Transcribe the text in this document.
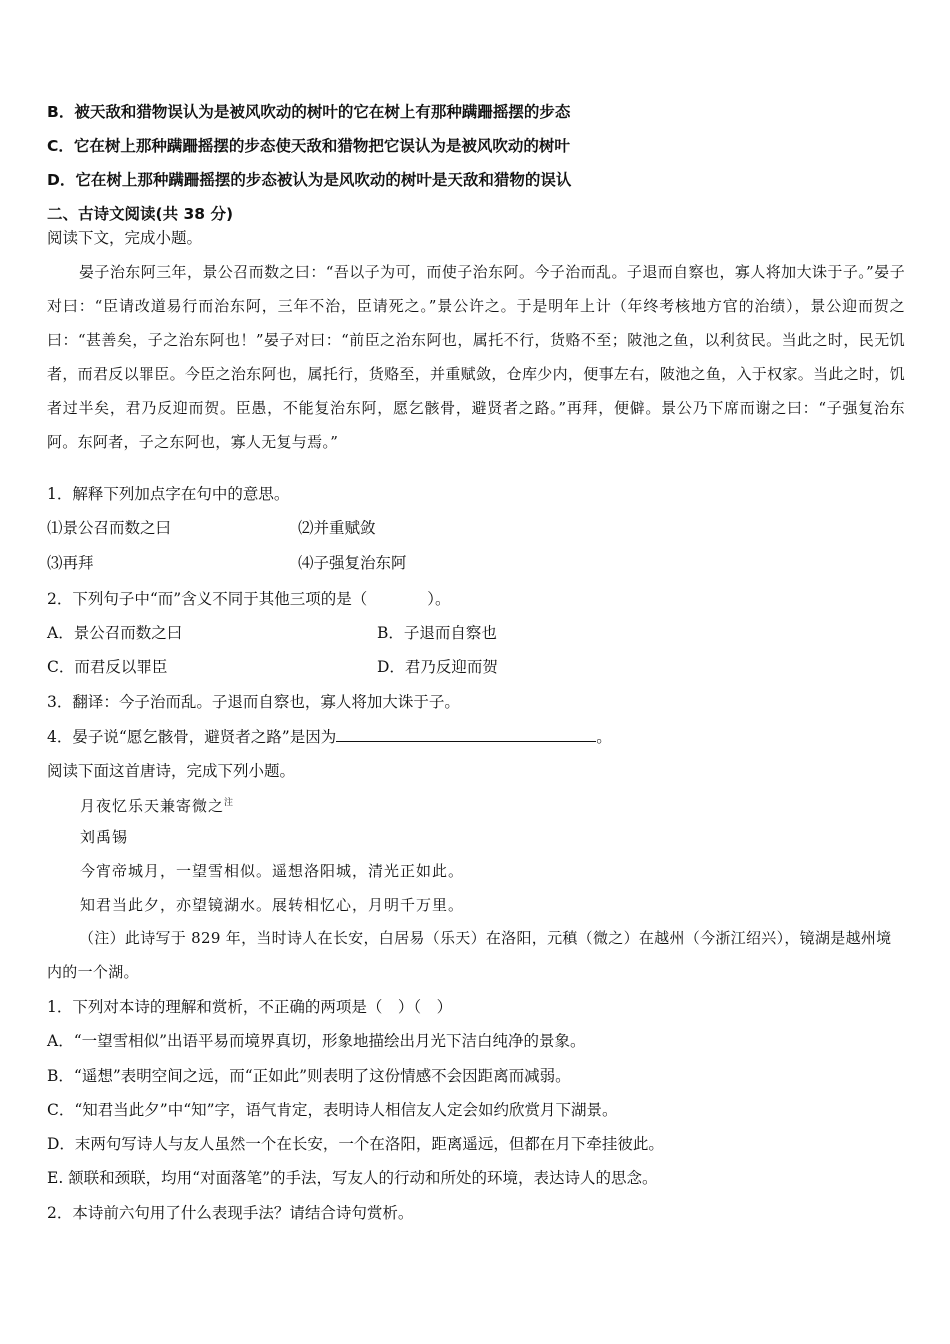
B．被天敌和猎物误认为是被风吹动的树叶的它在树上有那种蹒跚摇摆的步态
C．它在树上那种蹒跚摇摆的步态使天敌和猎物把它误认为是被风吹动的树叶
D．它在树上那种蹒跚摇摆的步态被认为是风吹动的树叶是天敌和猎物的误认
二、古诗文阅读(共 38 分)
阅读下文，完成小题。
晏子治东阿三年，景公召而数之曰：“吾以子为可，而使子治东阿。今子治而乱。子退而自察也，寡人将加大诛于子。”晏子对曰：“臣请改道易行而治东阿，三年不治，臣请死之。”景公许之。于是明年上计（年终考核地方官的治绩），景公迎而贺之曰：“甚善矣，子之治东阿也！”晏子对曰：“前臣之治东阿也，属托不行，货赂不至；陂池之鱼，以利贫民。当此之时，民无饥者，而君反以罪臣。今臣之治东阿也，属托行，货赂至，并重赋敛，仓库少内，便事左右，陂池之鱼，入于权家。当此之时，饥者过半矣，君乃反迎而贺。臣愚，不能复治东阿，愿乞骸骨，避贤者之路。”再拜，便僻。景公乃下席而谢之曰：“子强复治东阿。东阿者，子之东阿也，寡人无复与焉。”
1．解释下列加点字在句中的意思。
⑴景公召而数之曰	⑵并重赋敛
⑶再拜	⑷子强复治东阿
2．下列句子中“而”含义不同于其他三项的是（	）。
A．景公召而数之曰	B．子退而自察也
C．而君反以罪臣	D．君乃反迎而贺
3．翻译：今子治而乱。子退而自察也，寡人将加大诛于子。
4．晏子说“愿乞骸骨，避贤者之路”是因为	。
阅读下面这首唐诗，完成下列小题。
月夜忆乐天兼寄微之$^注$
刘禹锡
今宵帝城月，一望雪相似。遥想洛阳城，清光正如此。
知君当此夕，亦望镜湖水。展转相忆心，月明千万里。
（注）此诗写于 829 年，当时诗人在长安，白居易（乐天）在洛阳，元稹（微之）在越州（今浙江绍兴），镜湖是越州境内的一个湖。
1．下列对本诗的理解和赏析，不正确的两项是（　）（　）
A．“一望雪相似”出语平易而境界真切，形象地描绘出月光下洁白纯净的景象。
B．“遥想”表明空间之远，而“正如此”则表明了这份情感不会因距离而减弱。
C．“知君当此夕”中“知”字，语气肯定，表明诗人相信友人定会如约欣赏月下湖景。
D．末两句写诗人与友人虽然一个在长安，一个在洛阳，距离遥远，但都在月下牵挂彼此。
E. 颔联和颈联，均用“对面落笔”的手法，写友人的行动和所处的环境，表达诗人的思念。
2．本诗前六句用了什么表现手法？请结合诗句赏析。
